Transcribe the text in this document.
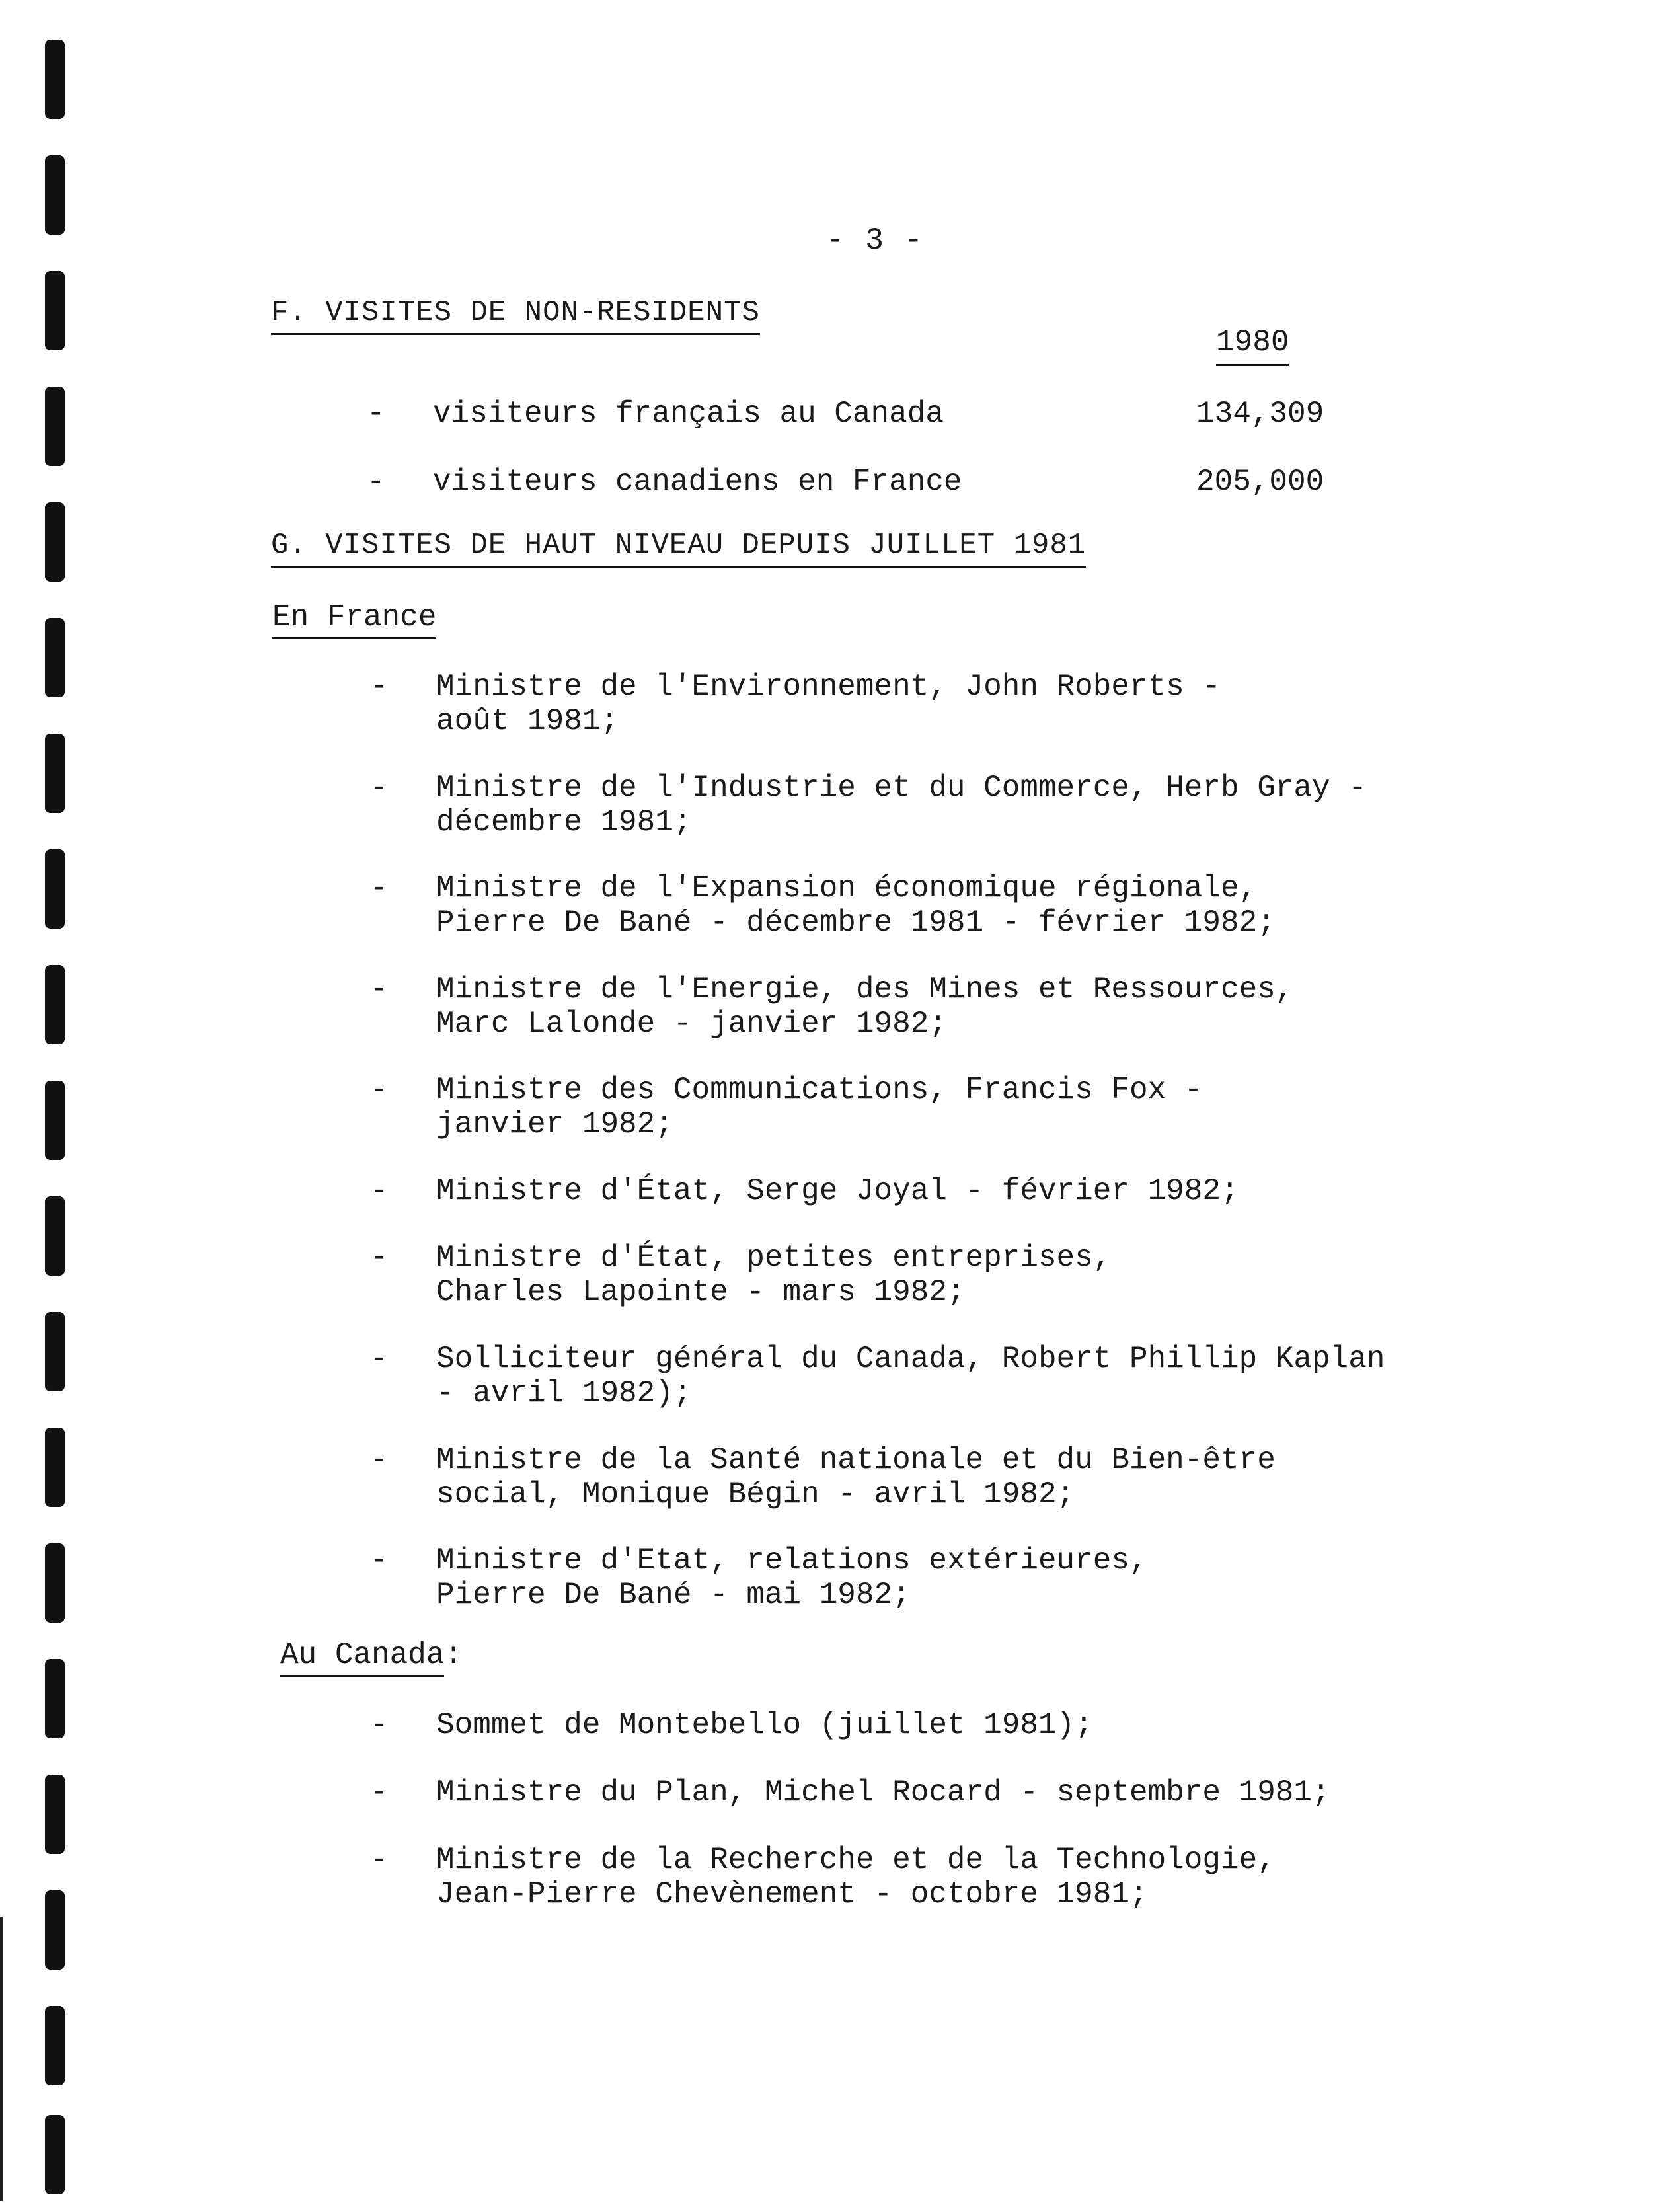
- 3 -
F. VISITES DE NON-RESIDENTS
1980
- visiteurs français au Canada	134,309
- visiteurs canadiens en France	205,000
G. VISITES DE HAUT NIVEAU DEPUIS JUILLET 1981
En France
- Ministre de l'Environnement, John Roberts -
août 1981;
- Ministre de l'Industrie et du Commerce, Herb Gray -
décembre 1981;
- Ministre de l'Expansion économique régionale,
Pierre De Bané - décembre 1981 - février 1982;
- Ministre de l'Energie, des Mines et Ressources,
Marc Lalonde - janvier 1982;
- Ministre des Communications, Francis Fox -
janvier 1982;
- Ministre d'État, Serge Joyal - février 1982;
- Ministre d'État, petites entreprises,
Charles Lapointe - mars 1982;
- Solliciteur général du Canada, Robert Phillip Kaplan
- avril 1982);
- Ministre de la Santé nationale et du Bien-être
social, Monique Bégin - avril 1982;
- Ministre d'Etat, relations extérieures,
Pierre De Bané - mai 1982;
Au Canada:
- Sommet de Montebello (juillet 1981);
- Ministre du Plan, Michel Rocard - septembre 1981;
- Ministre de la Recherche et de la Technologie,
Jean-Pierre Chevènement - octobre 1981;
